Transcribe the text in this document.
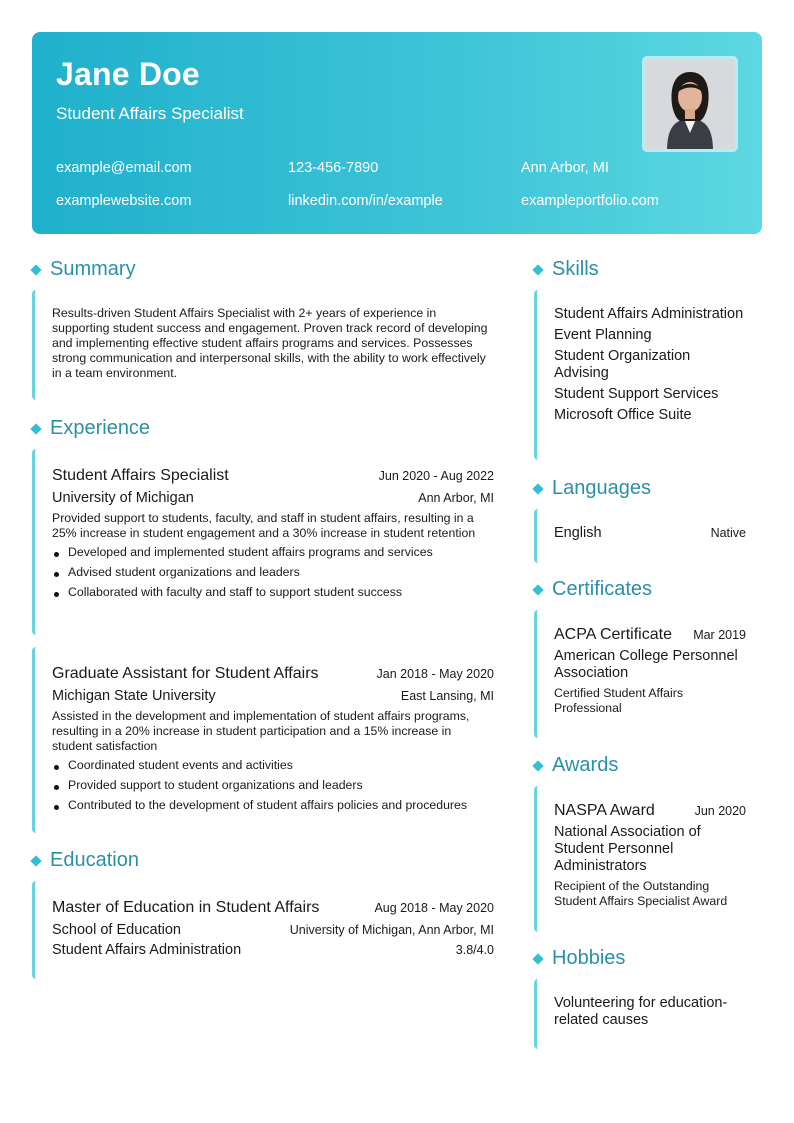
Jane Doe
Student Affairs Specialist
example@email.com	123-456-7890	Ann Arbor, MI
examplewebsite.com	linkedin.com/in/example	exampleportfolio.com
Summary
Results-driven Student Affairs Specialist with 2+ years of experience in supporting student success and engagement. Proven track record of developing and implementing effective student affairs programs and services. Possesses strong communication and interpersonal skills, with the ability to work effectively in a team environment.
Experience
Student Affairs Specialist	Jun 2020 - Aug 2022
University of Michigan	Ann Arbor, MI
Provided support to students, faculty, and staff in student affairs, resulting in a 25% increase in student engagement and a 30% increase in student retention
Developed and implemented student affairs programs and services
Advised student organizations and leaders
Collaborated with faculty and staff to support student success
Graduate Assistant for Student Affairs	Jan 2018 - May 2020
Michigan State University	East Lansing, MI
Assisted in the development and implementation of student affairs programs, resulting in a 20% increase in student participation and a 15% increase in student satisfaction
Coordinated student events and activities
Provided support to student organizations and leaders
Contributed to the development of student affairs policies and procedures
Education
Master of Education in Student Affairs	Aug 2018 - May 2020
School of Education	University of Michigan, Ann Arbor, MI
Student Affairs Administration	3.8/4.0
Skills
Student Affairs Administration
Event Planning
Student Organization Advising
Student Support Services
Microsoft Office Suite
Languages
English	Native
Certificates
ACPA Certificate Mar 2019
American College Personnel Association
Certified Student Affairs Professional
Awards
NASPA Award	Jun 2020
National Association of Student Personnel Administrators
Recipient of the Outstanding Student Affairs Specialist Award
Hobbies
Volunteering for education-related causes
